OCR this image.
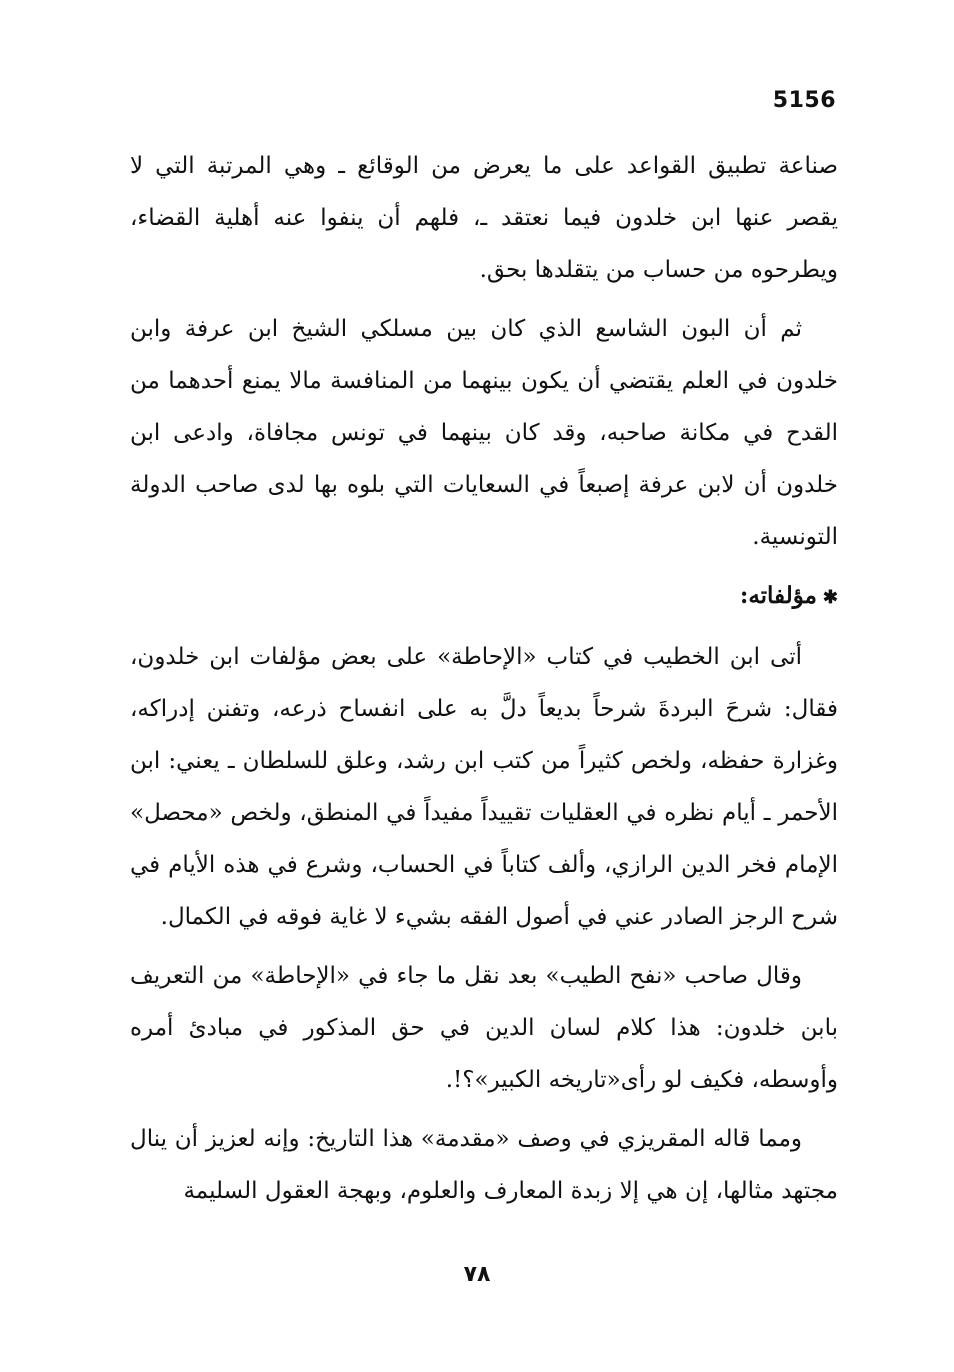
5156

صناعة تطبيق القواعد على ما يعرض من الوقائع ـ وهي المرتبة التي لا يقصر عنها ابن خلدون فيما نعتقد ـ، فلهم أن ينفوا عنه أهلية القضاء، ويطرحوه من حساب من يتقلدها بحق.

ثم أن البون الشاسع الذي كان بين مسلكي الشيخ ابن عرفة وابن خلدون في العلم يقتضي أن يكون بينهما من المنافسة مالا يمنع أحدهما من القدح في مكانة صاحبه، وقد كان بينهما في تونس مجافاة، وادعى ابن خلدون أن لابن عرفة إصبعاً في السعايات التي بلوه بها لدى صاحب الدولة التونسية.

✱مؤلفاته:

أتى ابن الخطيب في كتاب «الإحاطة» على بعض مؤلفات ابن خلدون، فقال: شرحَ البردةَ شرحاً بديعاً دلَّ به على انفساح ذرعه، وتفنن إدراكه، وغزارة حفظه، ولخص كثيراً من كتب ابن رشد، وعلق للسلطان ـ يعني: ابن الأحمر ـ أيام نظره في العقليات تقييداً مفيداً في المنطق، ولخص «محصل» الإمام فخر الدين الرازي، وألف كتاباً في الحساب، وشرع في هذه الأيام في شرح الرجز الصادر عني في أصول الفقه بشيء لا غاية فوقه في الكمال.

وقال صاحب «نفح الطيب» بعد نقل ما جاء في «الإحاطة» من التعريف بابن خلدون: هذا كلام لسان الدين في حق المذكور في مبادئ أمره وأوسطه، فكيف لو رأى«تاريخه الكبير»؟!.

ومما قاله المقريزي في وصف «مقدمة» هذا التاريخ: وإنه لعزيز أن ينال مجتهد مثالها، إن هي إلا زبدة المعارف والعلوم، وبهجة العقول السليمة

٧٨
